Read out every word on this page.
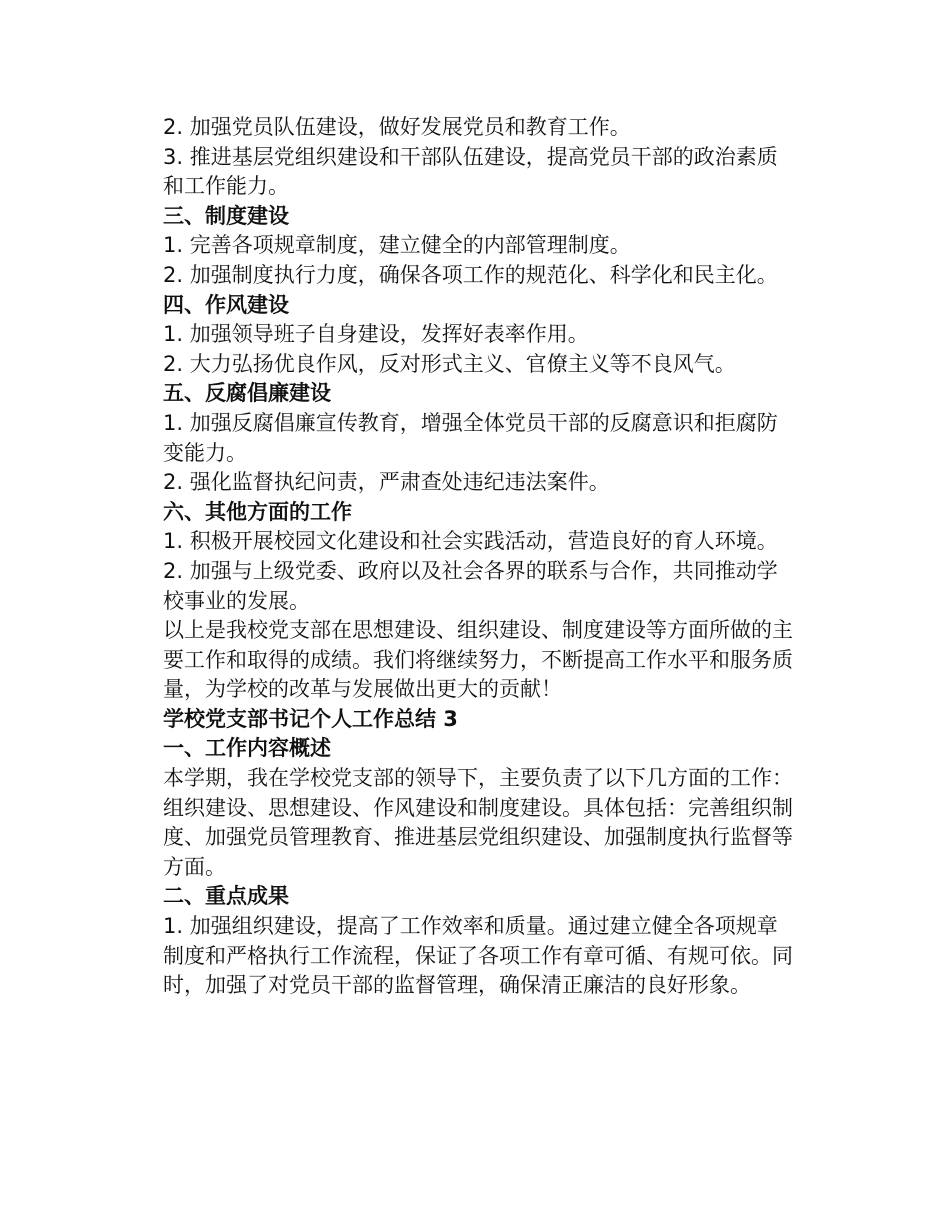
2. 加强党员队伍建设，做好发展党员和教育工作。

3. 推进基层党组织建设和干部队伍建设，提高党员干部的政治素质和工作能力。

三、制度建设

1. 完善各项规章制度，建立健全的内部管理制度。

2. 加强制度执行力度，确保各项工作的规范化、科学化和民主化。

四、作风建设

1. 加强领导班子自身建设，发挥好表率作用。

2. 大力弘扬优良作风，反对形式主义、官僚主义等不良风气。

五、反腐倡廉建设

1. 加强反腐倡廉宣传教育，增强全体党员干部的反腐意识和拒腐防变能力。

2. 强化监督执纪问责，严肃查处违纪违法案件。

六、其他方面的工作

1. 积极开展校园文化建设和社会实践活动，营造良好的育人环境。

2. 加强与上级党委、政府以及社会各界的联系与合作，共同推动学校事业的发展。

以上是我校党支部在思想建设、组织建设、制度建设等方面所做的主要工作和取得的成绩。我们将继续努力，不断提高工作水平和服务质量，为学校的改革与发展做出更大的贡献！

学校党支部书记个人工作总结 3

一、工作内容概述

本学期，我在学校党支部的领导下，主要负责了以下几方面的工作：组织建设、思想建设、作风建设和制度建设。具体包括：完善组织制度、加强党员管理教育、推进基层党组织建设、加强制度执行监督等方面。

二、重点成果

1. 加强组织建设，提高了工作效率和质量。通过建立健全各项规章制度和严格执行工作流程，保证了各项工作有章可循、有规可依。同时，加强了对党员干部的监督管理，确保清正廉洁的良好形象。
